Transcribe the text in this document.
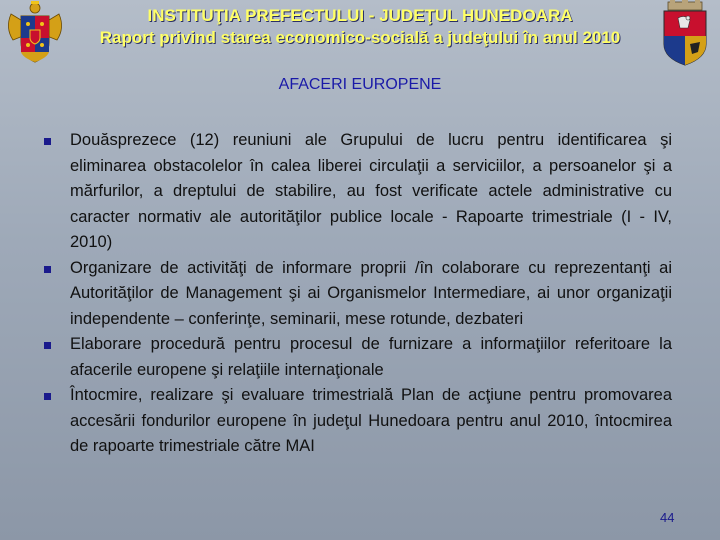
INSTITUŢIA PREFECTULUI - JUDEŢUL HUNEDOARA
Raport privind starea economico-socială a judeţului în anul 2010
AFACERI EUROPENE
Douăsprezece (12) reuniuni ale Grupului de lucru pentru identificarea şi eliminarea obstacolelor în calea liberei circulaţii a serviciilor, a persoanelor şi a mărfurilor, a dreptului de stabilire, au fost verificate actele administrative cu caracter normativ ale autorităţilor publice locale - Rapoarte trimestriale (I - IV, 2010)
Organizare de activităţi de informare proprii /în colaborare cu reprezentanţi ai Autorităţilor de Management şi ai Organismelor Intermediare, ai unor organizaţii independente – conferinţe, seminarii, mese rotunde, dezbateri
Elaborare procedură pentru procesul de furnizare a informaţiilor referitoare la afacerile europene şi relaţiile internaţionale
Întocmire, realizare şi evaluare trimestrială Plan de acţiune pentru promovarea accesării fondurilor europene în judeţul Hunedoara pentru anul 2010, întocmirea de rapoarte trimestriale către MAI
44
